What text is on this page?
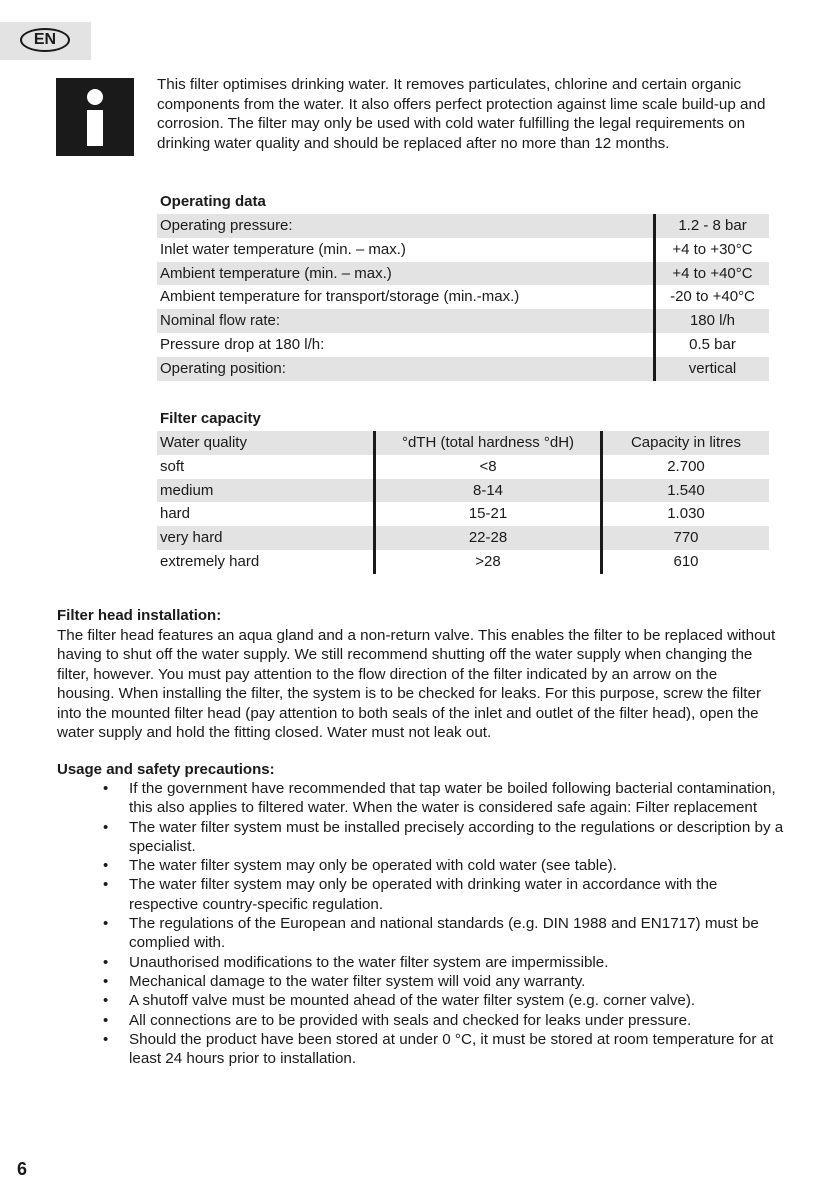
EN

This filter optimises drinking water. It removes particulates, chlorine and certain organic components from the water. It also offers perfect protection against lime scale build-up and corrosion. The filter may only be used with cold water fulfilling the legal requirements on drinking water quality and should be replaced after no more than 12 months.

Operating data
Operating pressure:	1.2 - 8 bar
Inlet water temperature (min. – max.)	+4 to +30°C
Ambient temperature (min. – max.)	+4 to +40°C
Ambient temperature for transport/storage (min.-max.)	-20 to +40°C
Nominal flow rate:	180 l/h
Pressure drop at 180 l/h:	0.5 bar
Operating position:	vertical
Filter capacity
Water quality	°dTH (total hardness °dH)	Capacity in litres
soft	<8	2.700
medium	8-14	1.540
hard	15-21	1.030
very hard	22-28	770
extremely hard	>28	610
Filter head installation:

The filter head features an aqua gland and a non-return valve. This enables the filter to be replaced without having to shut off the water supply. We still recommend shutting off the water supply when changing the filter, however. You must pay attention to the flow direction of the filter indicated by an arrow on the housing. When installing the filter, the system is to be checked for leaks. For this purpose, screw the filter into the mounted filter head (pay attention to both seals of the inlet and outlet of the filter head), open the water supply and hold the fitting closed. Water must not leak out.

Usage and safety precautions:
• If the government have recommended that tap water be boiled following bacterial contamination, this also applies to filtered water. When the water is considered safe again: Filter replacement
• The water filter system must be installed precisely according to the regulations or description by a specialist.
• The water filter system may only be operated with cold water (see table).
• The water filter system may only be operated with drinking water in accordance with the respective country-specific regulation.
• The regulations of the European and national standards (e.g. DIN 1988 and EN1717) must be complied with.
• Unauthorised modifications to the water filter system are impermissible.
• Mechanical damage to the water filter system will void any warranty.
• A shutoff valve must be mounted ahead of the water filter system (e.g. corner valve).
• All connections are to be provided with seals and checked for leaks under pressure.
• Should the product have been stored at under 0 °C, it must be stored at room temperature for at least 24 hours prior to installation.
6
